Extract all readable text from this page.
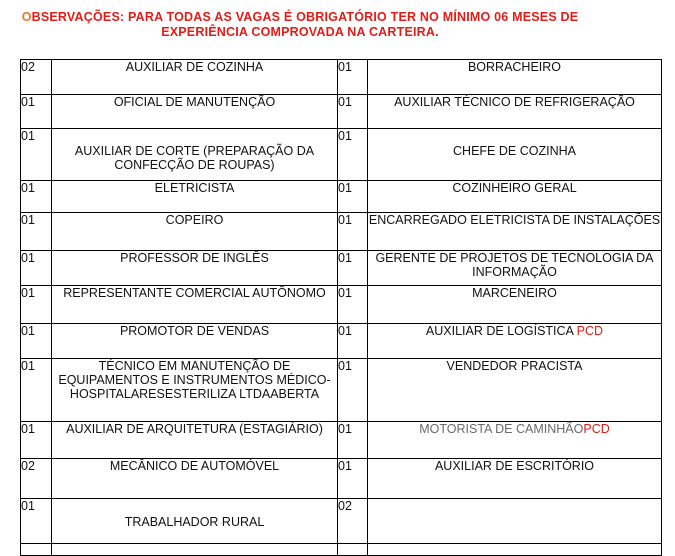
OBSERVAÇÕES: PARA TODAS AS VAGAS É OBRIGATÓRIO TER NO MÍNIMO 06 MESES DE
EXPERIÊNCIA COMPROVADA NA CARTEIRA.
02	AUXILIAR DE COZINHA	01	BORRACHEIRO
01	OFICIAL DE MANUTENÇÃO	01	AUXILIAR TÉCNICO DE REFRIGERAÇÃO
01	AUXILIAR DE CORTE (PREPARAÇÃO DA CONFECÇÃO DE ROUPAS)	01	CHEFE DE COZINHA
01	ELETRICISTA	01	COZINHEIRO GERAL
01	COPEIRO	01	ENCARREGADO ELETRICISTA DE INSTALAÇÕES
01	PROFESSOR DE INGLÊS	01	GERENTE DE PROJETOS DE TECNOLOGIA DA INFORMAÇÃO
01	REPRESENTANTE COMERCIAL AUTÔNOMO	01	MARCENEIRO
01	PROMOTOR DE VENDAS	01	AUXILIAR DE LOGÍSTICA PCD
01	TÉCNICO EM MANUTENÇÃO DE EQUIPAMENTOS E INSTRUMENTOS MÉDICO-HOSPITALARESESTERILIZA LTDAABERTA	01	VENDEDOR PRACISTA
01	AUXILIAR DE ARQUITETURA (ESTAGIÁRIO)	01	MOTORISTA DE CAMINHÃOPCD
02	MECÂNICO DE AUTOMÓVEL	01	AUXILIAR DE ESCRITÓRIO
01	TRABALHADOR RURAL	02	
